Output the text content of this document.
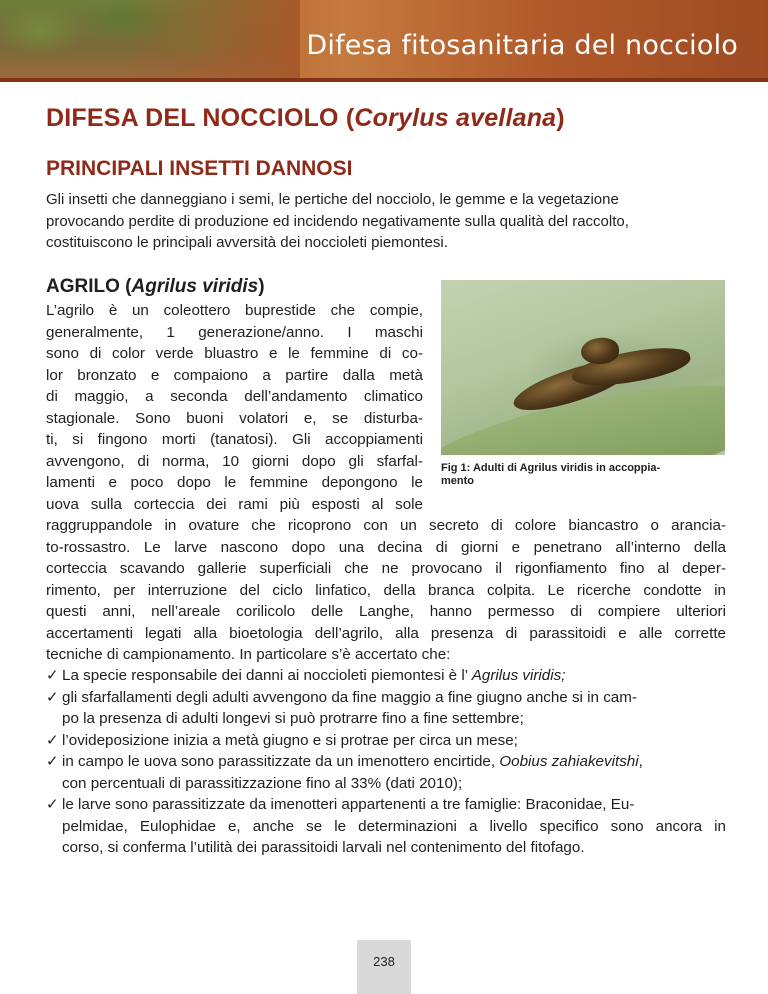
Difesa fitosanitaria del nocciolo
DIFESA DEL NOCCIOLO (Corylus avellana)
PRINCIPALI INSETTI DANNOSI
Gli insetti che danneggiano i semi, le pertiche del nocciolo, le gemme e la vegetazione
provocando perdite di produzione ed incidendo negativamente sulla qualità del raccolto,
costituiscono le principali avversità dei noccioleti piemontesi.
AGRILO (Agrilus viridis)
L’agrilo è un coleottero buprestide che compie,
generalmente, 1 generazione/anno. I maschi
sono di color verde bluastro e le femmine di co-
lor bronzato e compaiono a partire dalla metà
di maggio, a seconda dell’andamento climatico
stagionale. Sono buoni volatori e, se disturba-
ti, si fingono morti (tanatosi). Gli accoppiamenti
avvengono, di norma, 10 giorni dopo gli sfarfal-
lamenti e poco dopo le femmine depongono le
uova sulla corteccia dei rami più esposti al sole
Fig 1: Adulti di Agrilus viridis in accoppia-
mento
raggruppandole in ovature che ricoprono con un secreto di colore biancastro o arancia-
to-rossastro. Le larve nascono dopo una decina di giorni e penetrano all’interno della
corteccia scavando gallerie superficiali che ne provocano il rigonfiamento fino al deper-
rimento, per interruzione del ciclo linfatico, della branca colpita. Le ricerche condotte in
questi anni, nell’areale corilicolo delle Langhe, hanno permesso di compiere ulteriori
accertamenti legati alla bioetologia dell’agrilo, alla presenza di parassitoidi e alle corrette
tecniche di campionamento. In particolare s’è accertato che:
✓ La specie responsabile dei danni ai noccioleti piemontesi è l’ Agrilus viridis;
✓ gli sfarfallamenti degli adulti avvengono da fine maggio a fine giugno anche si in cam-
po la presenza di adulti longevi si può protrarre fino a fine settembre;
✓ l’ovideposizione inizia a metà giugno e si protrae per circa un mese;
✓ in campo le uova sono parassitizzate da un imenottero encirtide, Oobius zahiakevitshi,
con percentuali di parassitizzazione fino al 33% (dati 2010);
✓ le larve sono parassitizzate da imenotteri appartenenti a tre famiglie: Braconidae, Eu-
pelmidae, Eulophidae e, anche se le determinazioni a livello specifico sono ancora in
corso, si conferma l’utilità dei parassitoidi larvali nel contenimento del fitofago.
238
